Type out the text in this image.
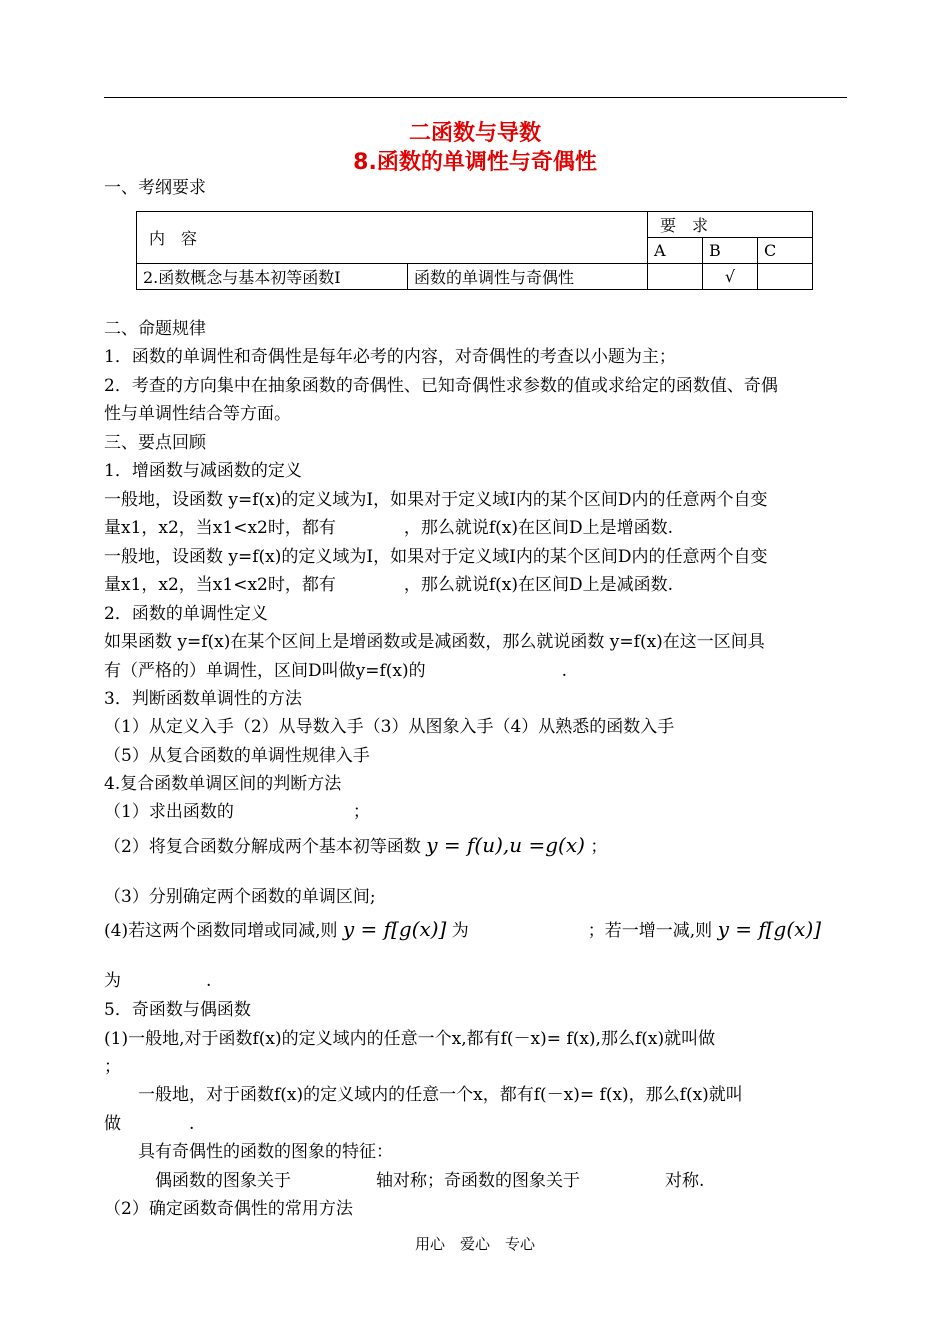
二函数与导数
8.函数的单调性与奇偶性
一、考纲要求
内　容		要　求		
		A	B	C
2.函数概念与基本初等函数Ⅰ	函数的单调性与奇偶性		√	
二、命题规律
1．函数的单调性和奇偶性是每年必考的内容，对奇偶性的考查以小题为主；
2．考查的方向集中在抽象函数的奇偶性、已知奇偶性求参数的值或求给定的函数值、奇偶
性与单调性结合等方面。
三、要点回顾
1．增函数与减函数的定义
一般地，设函数 y=f(x)的定义域为I，如果对于定义域Ⅰ内的某个区间D内的任意两个自变
量x1，x2，当x1<x2时，都有　　　　，那么就说f(x)在区间D上是增函数.
一般地，设函数 y=f(x)的定义域为I，如果对于定义域Ⅰ内的某个区间D内的任意两个自变
量x1，x2，当x1<x2时，都有　　　　，那么就说f(x)在区间D上是减函数.
2．函数的单调性定义
如果函数 y=f(x)在某个区间上是增函数或是减函数，那么就说函数 y=f(x)在这一区间具
有（严格的）单调性，区间D叫做y=f(x)的　　　　　　　　.
3．判断函数单调性的方法
（1）从定义入手（2）从导数入手（3）从图象入手（4）从熟悉的函数入手
（5）从复合函数的单调性规律入手
4.复合函数单调区间的判断方法
（1）求出函数的　　　　　　　；
（2）将复合函数分解成两个基本初等函数 y = f(u),u =g(x) ；
（3）分别确定两个函数的单调区间;
(4)若这两个函数同增或同减,则 y = f[g(x)] 为　　　　　　　；若一增一减,则 y = f[g(x)]
为　　　　　.
5．奇函数与偶函数
(1)一般地,对于函数f(x)的定义域内的任意一个x,都有f(－x)= f(x),那么f(x)就叫做
；
　　一般地，对于函数f(x)的定义域内的任意一个x，都有f(－x)= f(x)，那么f(x)就叫
做　　　　.
　　具有奇偶性的函数的图象的特征：
　　　偶函数的图象关于　　　　　轴对称；奇函数的图象关于　　　　　对称.
（2）确定函数奇偶性的常用方法
用心　爱心　专心
